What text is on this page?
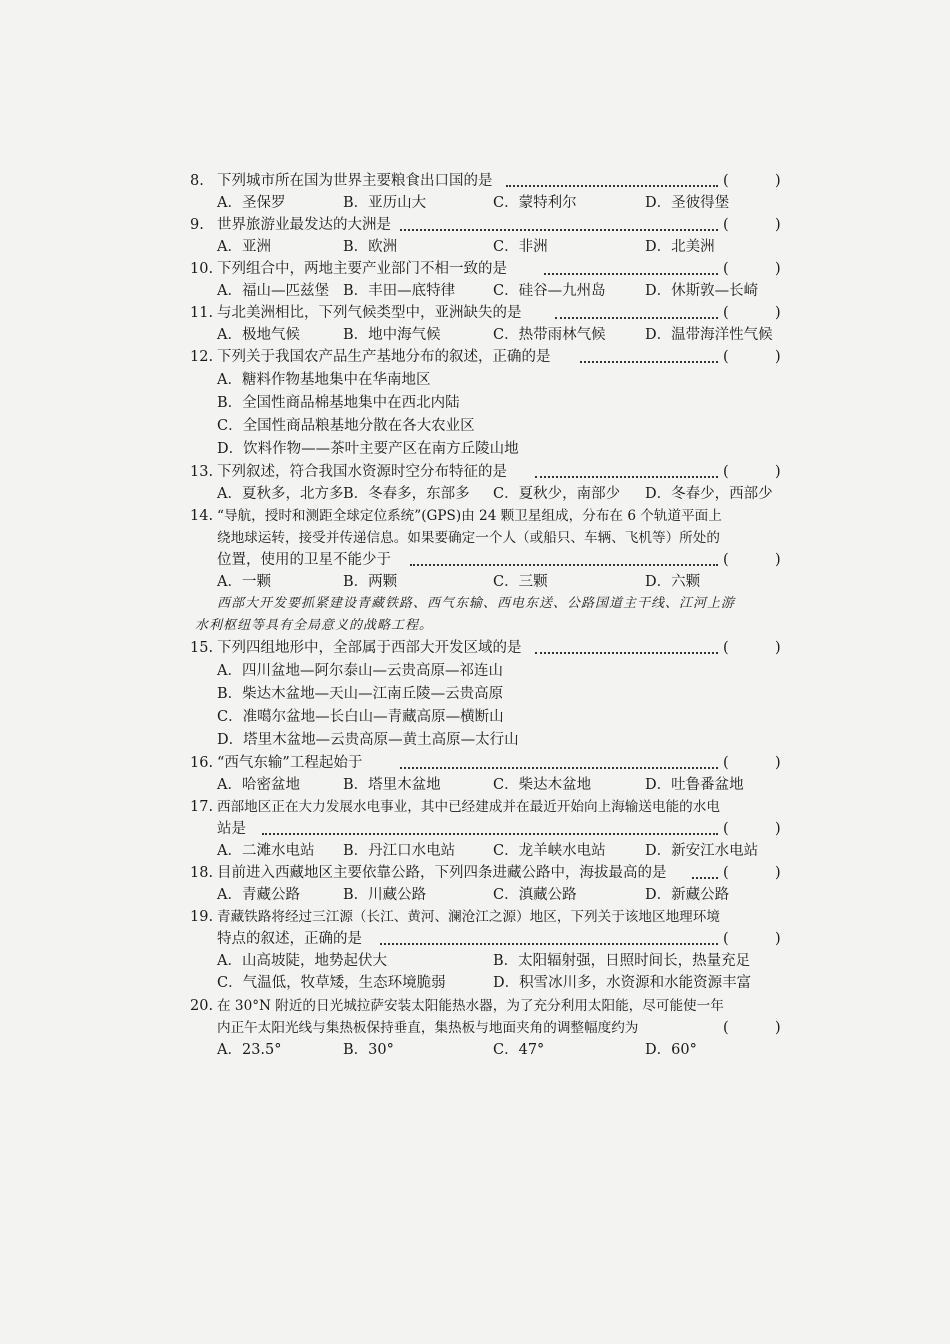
8. 下列城市所在国为世界主要粮食出口国的是	(	)
A．圣保罗	B．亚历山大	C．蒙特利尔	D．圣彼得堡
9. 世界旅游业最发达的大洲是	(	)
A．亚洲	B．欧洲	C．非洲	D．北美洲
10. 下列组合中，两地主要产业部门不相一致的是	(	)
A．福山—匹兹堡 B．丰田—底特律	C．硅谷—九州岛	D．休斯敦—长崎
11. 与北美洲相比，下列气候类型中，亚洲缺失的是	(	)
A．极地气候	B．地中海气候	C．热带雨林气候	D．温带海洋性气候
12. 下列关于我国农产品生产基地分布的叙述，正确的是	(	)
A．糖料作物基地集中在华南地区
B．全国性商品棉基地集中在西北内陆
C．全国性商品粮基地分散在各大农业区
D．饮料作物——茶叶主要产区在南方丘陵山地
13. 下列叙述，符合我国水资源时空分布特征的是	(	)
A．夏秋多，北方多 B．冬春多，东部多 C．夏秋少，南部少 D．冬春少，西部少
14. “导航，授时和测距全球定位系统”(GPS)由 24 颗卫星组成，分布在 6 个轨道平面上
绕地球运转，接受并传递信息。如果要确定一个人（或船只、车辆、飞机等）所处的
位置，使用的卫星不能少于	(	)
A．一颗	B．两颗	C．三颗	D．六颗
西部大开发要抓紧建设青藏铁路、西气东输、西电东送、公路国道主干线、江河上游
水利枢纽等具有全局意义的战略工程。
15. 下列四组地形中，全部属于西部大开发区域的是	(	)
A．四川盆地—阿尔泰山—云贵高原—祁连山
B．柴达木盆地—天山—江南丘陵—云贵高原
C．准噶尔盆地—长白山—青藏高原—横断山
D．塔里木盆地—云贵高原—黄土高原—太行山
16. “西气东输”工程起始于	(	)
A．哈密盆地	B．塔里木盆地	C．柴达木盆地	D．吐鲁番盆地
17. 西部地区正在大力发展水电事业，其中已经建成并在最近开始向上海输送电能的水电
站是	(	)
A．二滩水电站 B．丹江口水电站	C．龙羊峡水电站	D．新安江水电站
18. 目前进入西藏地区主要依靠公路，下列四条进藏公路中，海拔最高的是	(	)
A．青藏公路	B．川藏公路	C．滇藏公路	D．新藏公路
19. 青藏铁路将经过三江源（长江、黄河、澜沧江之源）地区，下列关于该地区地理环境
特点的叙述，正确的是	(	)
A．山高坡陡，地势起伏大	B．太阳辐射强，日照时间长，热量充足
C．气温低，牧草矮，生态环境脆弱	D．积雪冰川多，水资源和水能资源丰富
20. 在 30°N 附近的日光城拉萨安装太阳能热水器，为了充分利用太阳能，尽可能使一年
内正午太阳光线与集热板保持垂直，集热板与地面夹角的调整幅度约为	(	)
A．23.5°	B．30°	C．47°	D．60°
